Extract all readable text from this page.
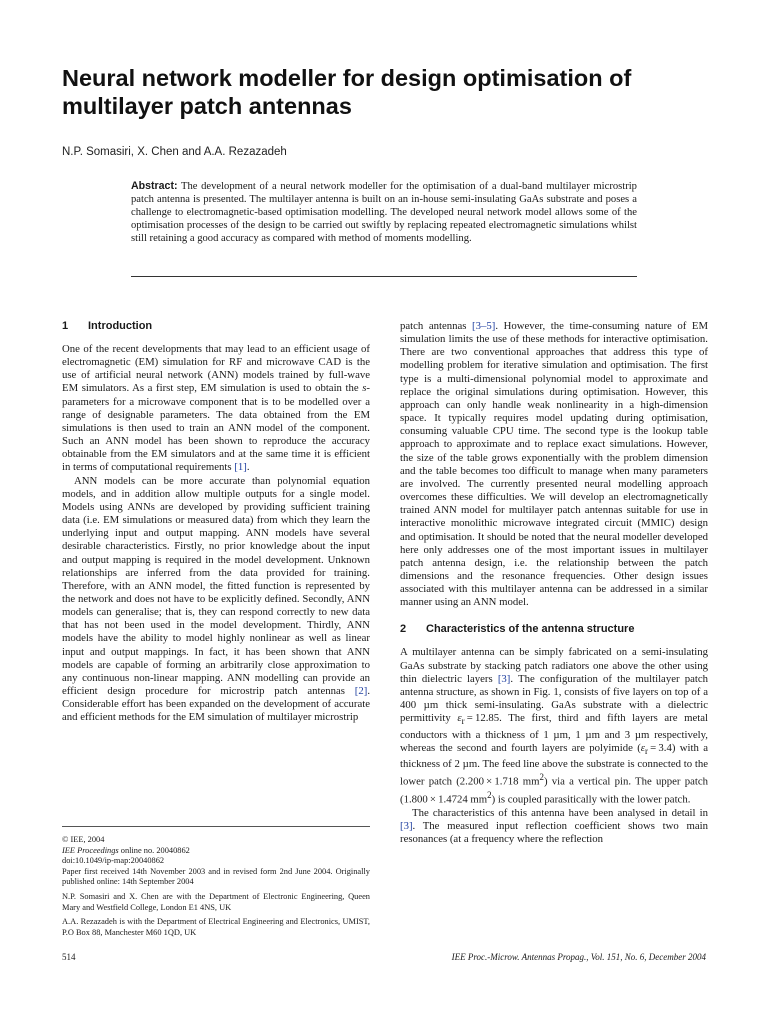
Neural network modeller for design optimisation of multilayer patch antennas
N.P. Somasiri, X. Chen and A.A. Rezazadeh
Abstract: The development of a neural network modeller for the optimisation of a dual-band multilayer microstrip patch antenna is presented. The multilayer antenna is built on an in-house semi-insulating GaAs substrate and poses a challenge to electromagnetic-based optimisation modelling. The developed neural network model allows some of the optimisation processes of the design to be carried out swiftly by replacing repeated electromagnetic simulations whilst still retaining a good accuracy as compared with method of moments modelling.
1 Introduction

One of the recent developments that may lead to an efficient usage of electromagnetic (EM) simulation for RF and microwave CAD is the use of artificial neural network (ANN) models trained by full-wave EM simulators. As a first step, EM simulation is used to obtain the s-parameters for a microwave component that is to be modelled over a range of designable parameters. The data obtained from the EM simulations is then used to train an ANN model of the component. Such an ANN model has been shown to reproduce the accuracy obtainable from the EM simulators and at the same time it is efficient in terms of computational requirements [1].

ANN models can be more accurate than polynomial equation models, and in addition allow multiple outputs for a single model. Models using ANNs are developed by providing sufficient training data (i.e. EM simulations or measured data) from which they learn the underlying input and output mapping. ANN models have several desirable characteristics. Firstly, no prior knowledge about the input and output mapping is required in the model development. Unknown relationships are inferred from the data provided for training. Therefore, with an ANN model, the fitted function is represented by the network and does not have to be explicitly defined. Secondly, ANN models can generalise; that is, they can respond correctly to new data that has not been used in the model development. Thirdly, ANN models have the ability to model highly nonlinear as well as linear input and output mappings. In fact, it has been shown that ANN models are capable of forming an arbitrarily close approximation to any continuous non-linear mapping. ANN modelling can provide an efficient design procedure for microstrip patch antennas [2]. Considerable effort has been expanded on the development of accurate and efficient methods for the EM simulation of multilayer microstrip

© IEE, 2004
IEE Proceedings online no. 20040862
doi:10.1049/ip-map:20040862
Paper first received 14th November 2003 and in revised form 2nd June 2004. Originally published online: 14th September 2004
N.P. Somasiri and X. Chen are with the Department of Electronic Engineering, Queen Mary and Westfield College, London E1 4NS, UK
A.A. Rezazadeh is with the Department of Electrical Engineering and Electronics, UMIST, P.O Box 88, Manchester M60 1QD, UK

patch antennas [3–5]. However, the time-consuming nature of EM simulation limits the use of these methods for interactive optimisation. There are two conventional approaches that address this type of modelling problem for iterative simulation and optimisation. The first type is a multi-dimensional polynomial model to approximate and replace the original simulations during optimisation. However, this approach can only handle weak nonlinearity in a high-dimension space. It typically requires model updating during optimisation, consuming valuable CPU time. The second type is the lookup table approach to approximate and to replace exact simulations. However, the size of the table grows exponentially with the problem dimension and the table becomes too difficult to manage when many parameters are involved. The currently presented neural modelling approach overcomes these difficulties. We will develop an electromagnetically trained ANN model for multilayer patch antennas suitable for use in interactive monolithic microwave integrated circuit (MMIC) design and optimisation. It should be noted that the neural modeller developed here only addresses one of the most important issues in multilayer patch antenna design, i.e. the relationship between the patch dimensions and the resonance frequencies. Other design issues associated with this multilayer antenna can be addressed in a similar manner using an ANN model.

2 Characteristics of the antenna structure

A multilayer antenna can be simply fabricated on a semi-insulating GaAs substrate by stacking patch radiators one above the other using thin dielectric layers [3]. The configuration of the multilayer patch antenna structure, as shown in Fig. 1, consists of five layers on top of a 400 µm thick semi-insulating. GaAs substrate with a dielectric permittivity $\varepsilon_r = 12.85$. The first, third and fifth layers are metal conductors with a thickness of 1 µm, 1 µm and 3 µm respectively, whereas the second and fourth layers are polyimide $(\varepsilon_r = 3.4)$ with a thickness of 2 µm. The feed line above the substrate is connected to the lower patch (2.200 × 1.718 $mm^2$) via a vertical pin. The upper patch (1.800 × 1.4724 $mm^2$) is coupled parasitically with the lower patch.

The characteristics of this antenna have been analysed in detail in [3]. The measured input reflection coefficient shows two main resonances (at a frequency where the reflection

514	IEE Proc.-Microw. Antennas Propag., Vol. 151, No. 6, December 2004
